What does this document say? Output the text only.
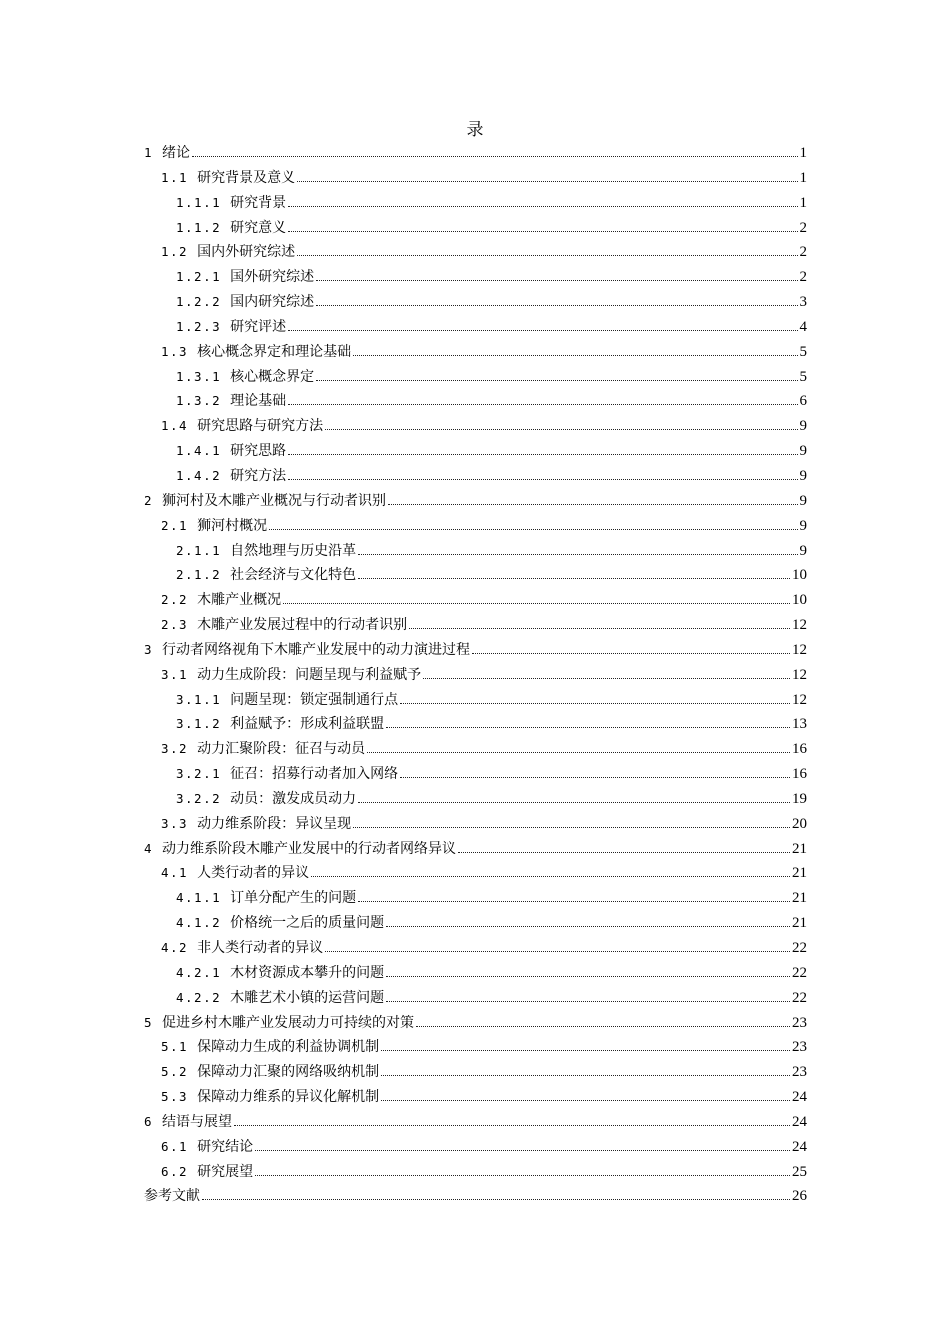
录
1 绪论	1
1.1 研究背景及意义	1
1.1.1 研究背景	1
1.1.2 研究意义	2
1.2 国内外研究综述	2
1.2.1 国外研究综述	2
1.2.2 国内研究综述	3
1.2.3 研究评述	4
1.3 核心概念界定和理论基础	5
1.3.1 核心概念界定	5
1.3.2 理论基础	6
1.4 研究思路与研究方法	9
1.4.1 研究思路	9
1.4.2 研究方法	9
2 狮河村及木雕产业概况与行动者识别	9
2.1 狮河村概况	9
2.1.1 自然地理与历史沿革	9
2.1.2 社会经济与文化特色	10
2.2 木雕产业概况	10
2.3 木雕产业发展过程中的行动者识别	12
3 行动者网络视角下木雕产业发展中的动力演进过程	12
3.1 动力生成阶段：问题呈现与利益赋予	12
3.1.1 问题呈现：锁定强制通行点	12
3.1.2 利益赋予：形成利益联盟	13
3.2 动力汇聚阶段：征召与动员	16
3.2.1 征召：招募行动者加入网络	16
3.2.2 动员：激发成员动力	19
3.3 动力维系阶段：异议呈现	20
4 动力维系阶段木雕产业发展中的行动者网络异议	21
4.1 人类行动者的异议	21
4.1.1 订单分配产生的问题	21
4.1.2 价格统一之后的质量问题	21
4.2 非人类行动者的异议	22
4.2.1 木材资源成本攀升的问题	22
4.2.2 木雕艺术小镇的运营问题	22
5 促进乡村木雕产业发展动力可持续的对策	23
5.1 保障动力生成的利益协调机制	23
5.2 保障动力汇聚的网络吸纳机制	23
5.3 保障动力维系的异议化解机制	24
6 结语与展望	24
6.1 研究结论	24
6.2 研究展望	25
参考文献	26
